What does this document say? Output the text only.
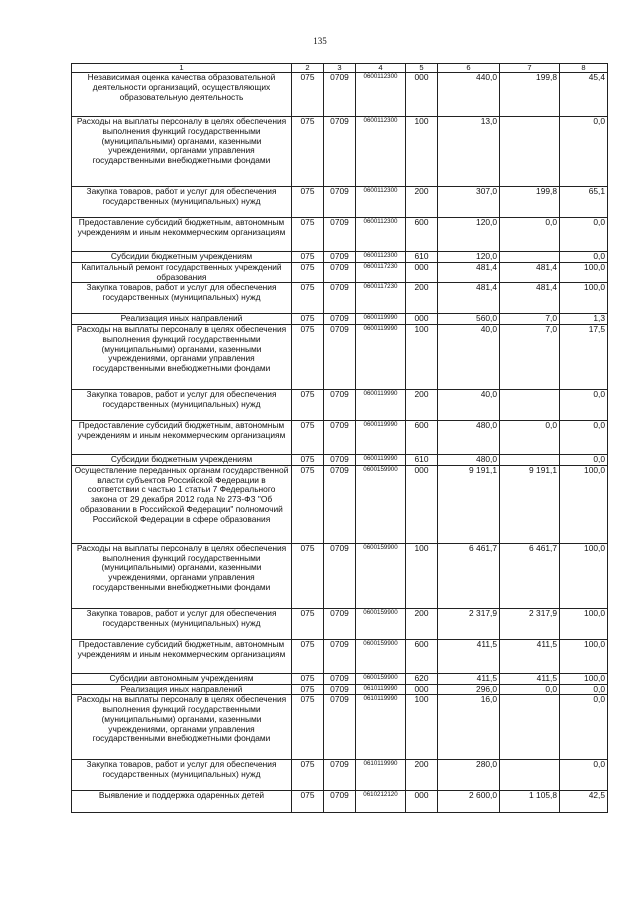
135
1	2	3	4	5	6	7	8
Независимая оценка качества образовательной деятельности организаций, осуществляющих образовательную деятельность	075	0709	0600112300	000	440,0	199,8	45,4
Расходы на выплаты персоналу в целях обеспечения выполнения функций государственными (муниципальными) органами, казенными учреждениями, органами управления государственными внебюджетными фондами	075	0709	0600112300	100	13,0		0,0
Закупка товаров, работ и услуг для обеспечения государственных (муниципальных) нужд	075	0709	0600112300	200	307,0	199,8	65,1
Предоставление субсидий бюджетным, автономным учреждениям и иным некоммерческим организациям	075	0709	0600112300	600	120,0	0,0	0,0
Субсидии бюджетным учреждениям	075	0709	0600112300	610	120,0		0,0
Капитальный ремонт государственных учреждений образования	075	0709	0600117230	000	481,4	481,4	100,0
Закупка товаров, работ и услуг для обеспечения государственных (муниципальных) нужд	075	0709	0600117230	200	481,4	481,4	100,0
Реализация иных направлений	075	0709	0600119990	000	560,0	7,0	1,3
Расходы на выплаты персоналу в целях обеспечения выполнения функций государственными (муниципальными) органами, казенными учреждениями, органами управления государственными внебюджетными фондами	075	0709	0600119990	100	40,0	7,0	17,5
Закупка товаров, работ и услуг для обеспечения государственных (муниципальных) нужд	075	0709	0600119990	200	40,0		0,0
Предоставление субсидий бюджетным, автономным учреждениям и иным некоммерческим организациям	075	0709	0600119990	600	480,0	0,0	0,0
Субсидии бюджетным учреждениям	075	0709	0600119990	610	480,0		0,0
Осуществление переданных органам государственной власти субъектов Российской Федерации в соответствии с частью 1 статьи 7 Федерального закона от 29 декабря 2012 года № 273-ФЗ "Об образовании в Российской Федерации" полномочий Российской Федерации в сфере образования	075	0709	0600159900	000	9 191,1	9 191,1	100,0
Расходы на выплаты персоналу в целях обеспечения выполнения функций государственными (муниципальными) органами, казенными учреждениями, органами управления государственными внебюджетными фондами	075	0709	0600159900	100	6 461,7	6 461,7	100,0
Закупка товаров, работ и услуг для обеспечения государственных (муниципальных) нужд	075	0709	0600159900	200	2 317,9	2 317,9	100,0
Предоставление субсидий бюджетным, автономным учреждениям и иным некоммерческим организациям	075	0709	0600159900	600	411,5	411,5	100,0
Субсидии автономным учреждениям	075	0709	0600159900	620	411,5	411,5	100,0
Реализация иных направлений	075	0709	0610119990	000	296,0	0,0	0,0
Расходы на выплаты персоналу в целях обеспечения выполнения функций государственными (муниципальными) органами, казенными учреждениями, органами управления государственными внебюджетными фондами	075	0709	0610119990	100	16,0		0,0
Закупка товаров, работ и услуг для обеспечения государственных (муниципальных) нужд	075	0709	0610119990	200	280,0		0,0
Выявление и поддержка одаренных детей	075	0709	0610212120	000	2 600,0	1 105,8	42,5
